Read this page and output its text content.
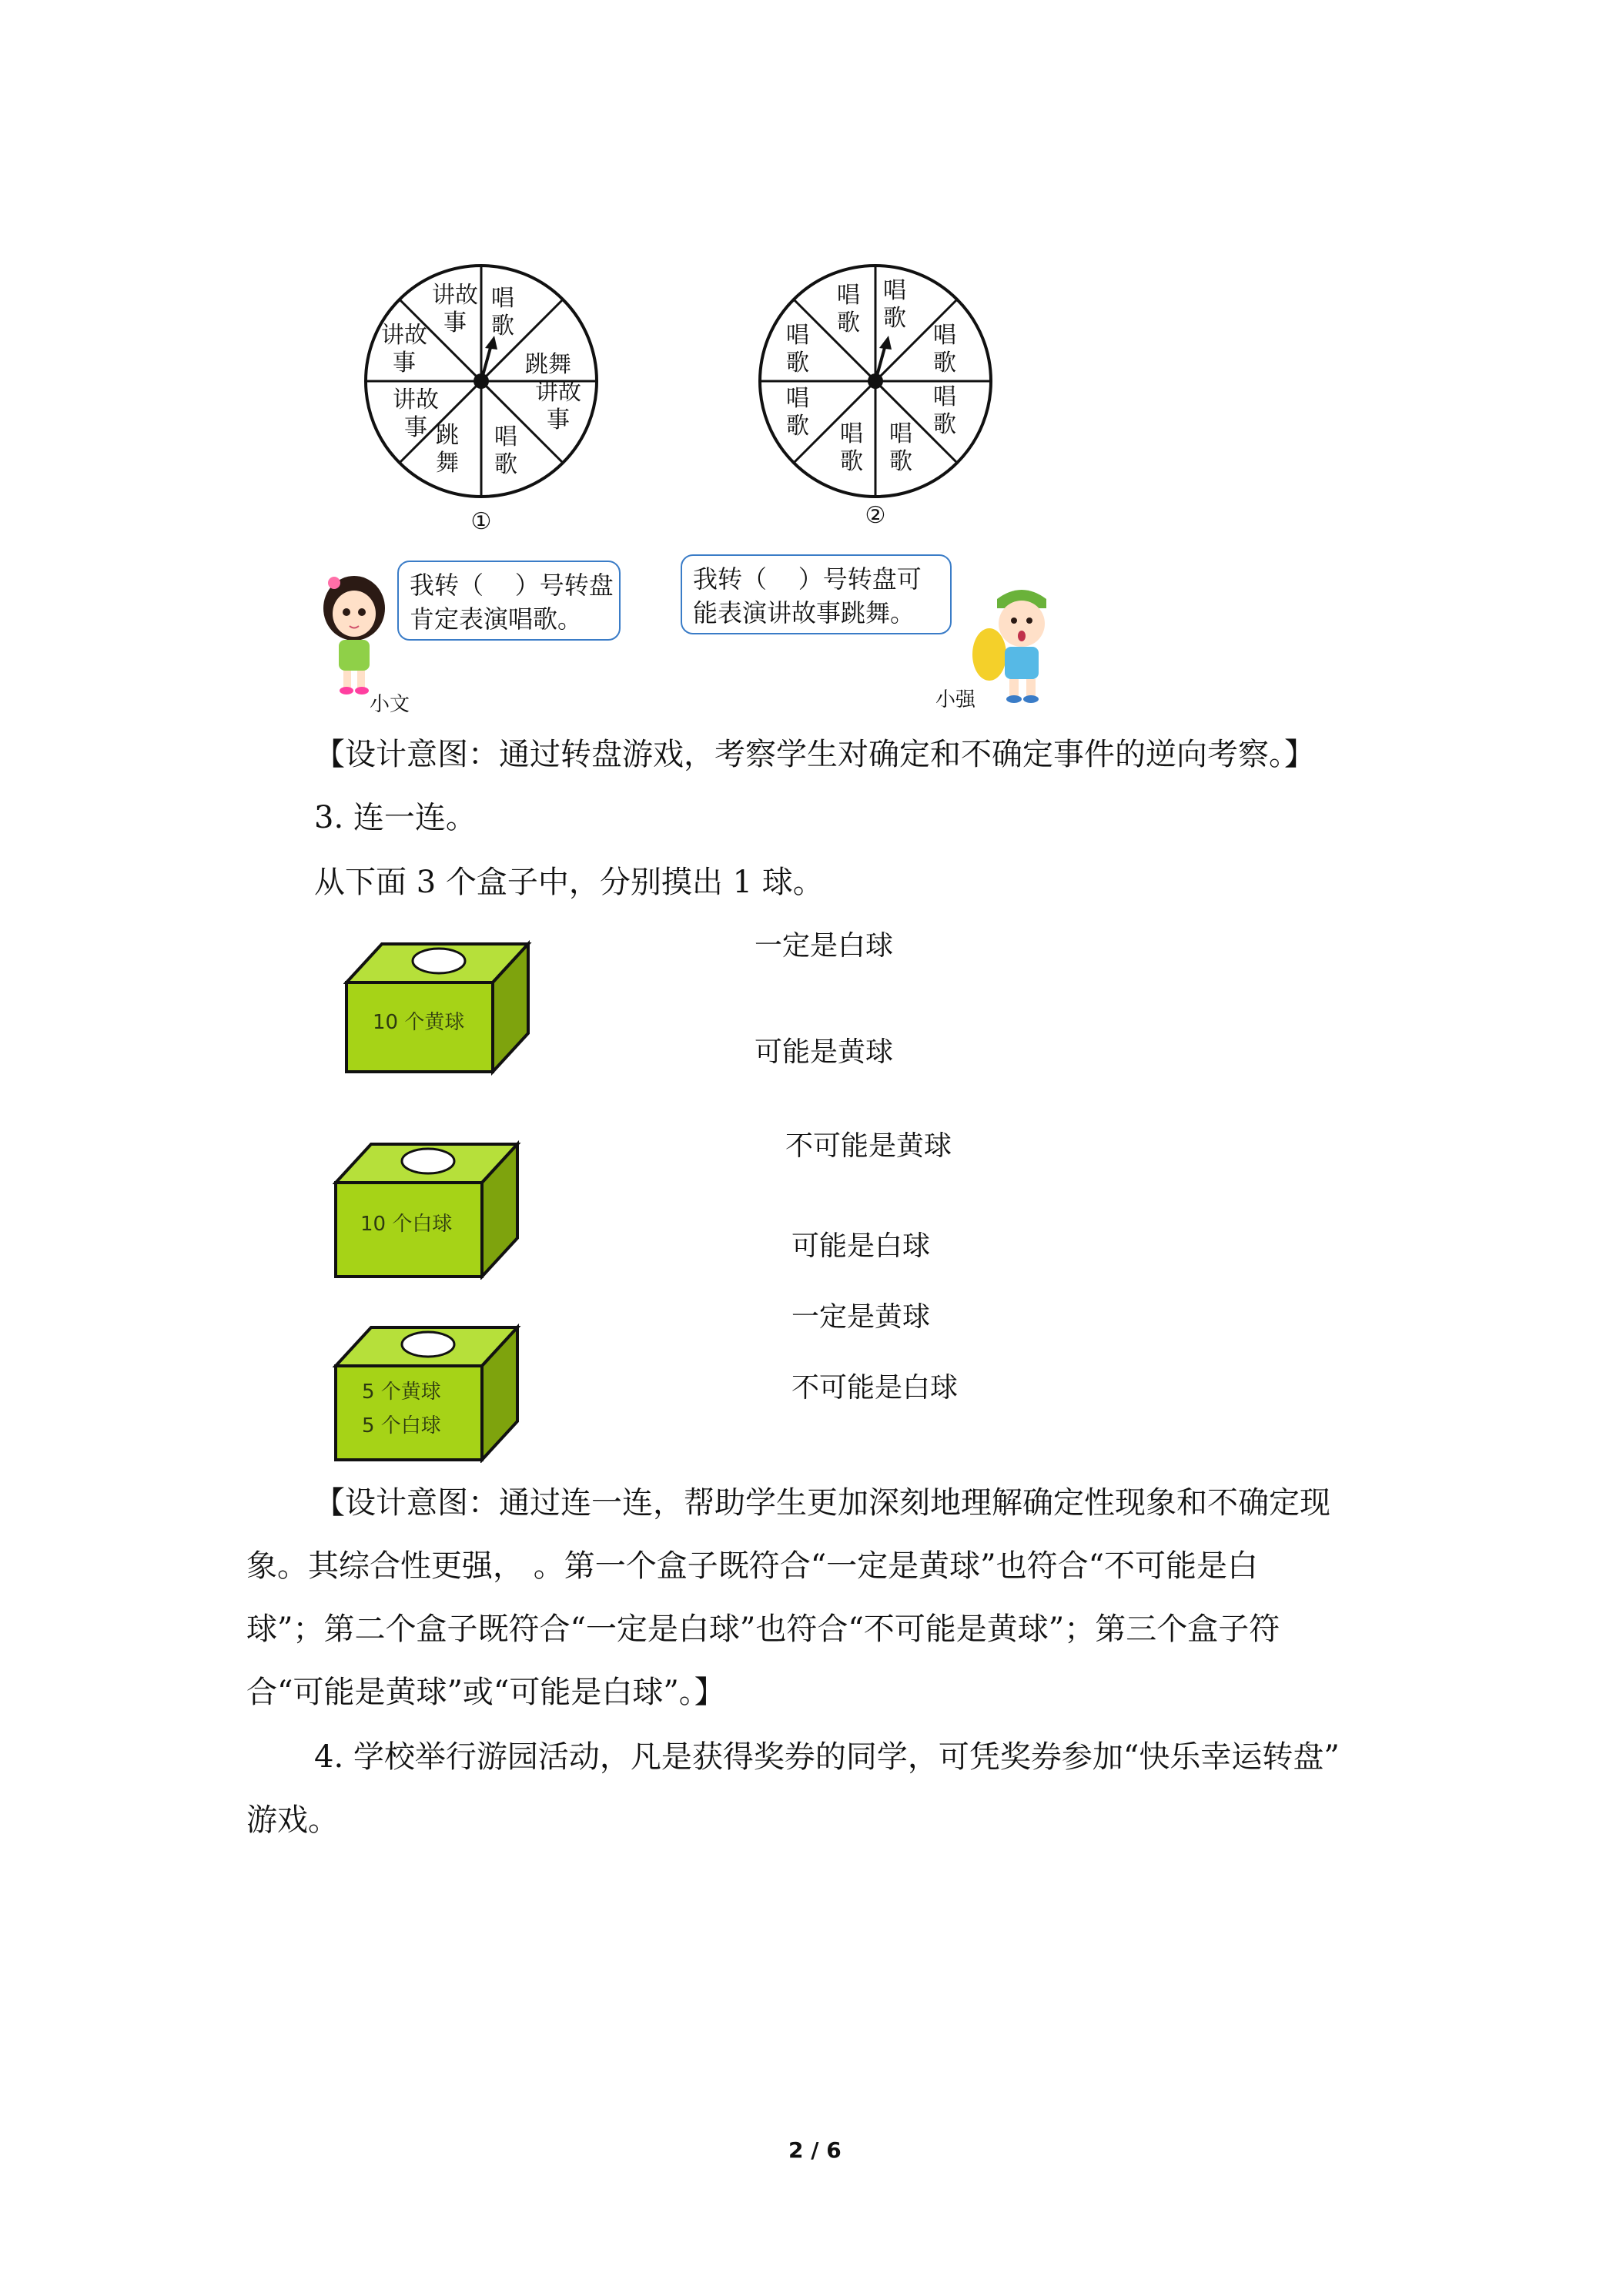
唱
歌
跳舞
讲故
事
唱
歌
跳
舞
讲故
事
讲故
事
讲故
事
①
唱歌
唱
歌
唱
歌
唱
歌
唱
歌
唱
歌
唱
歌
唱
歌
②
我转（    ）号转盘
肯定表演唱歌。
小文
我转（    ）号转盘可
能表演讲故事跳舞。
小强
【设计意图：通过转盘游戏，考察学生对确定和不确定事件的逆向考察。】
3. 连一连。
从下面 3 个盒子中，分别摸出 1 球。
10 个黄球
10 个白球
5 个黄球
5 个白球
一定是白球
可能是黄球
不可能是黄球
可能是白球
一定是黄球
不可能是白球
【设计意图：通过连一连，帮助学生更加深刻地理解确定性现象和不确定现
象。其综合性更强， 。第一个盒子既符合“一定是黄球”也符合“不可能是白
球”；第二个盒子既符合“一定是白球”也符合“不可能是黄球”；第三个盒子符
合“可能是黄球”或“可能是白球”。】
4. 学校举行游园活动，凡是获得奖券的同学，可凭奖券参加“快乐幸运转盘”
游戏。
2 / 6
